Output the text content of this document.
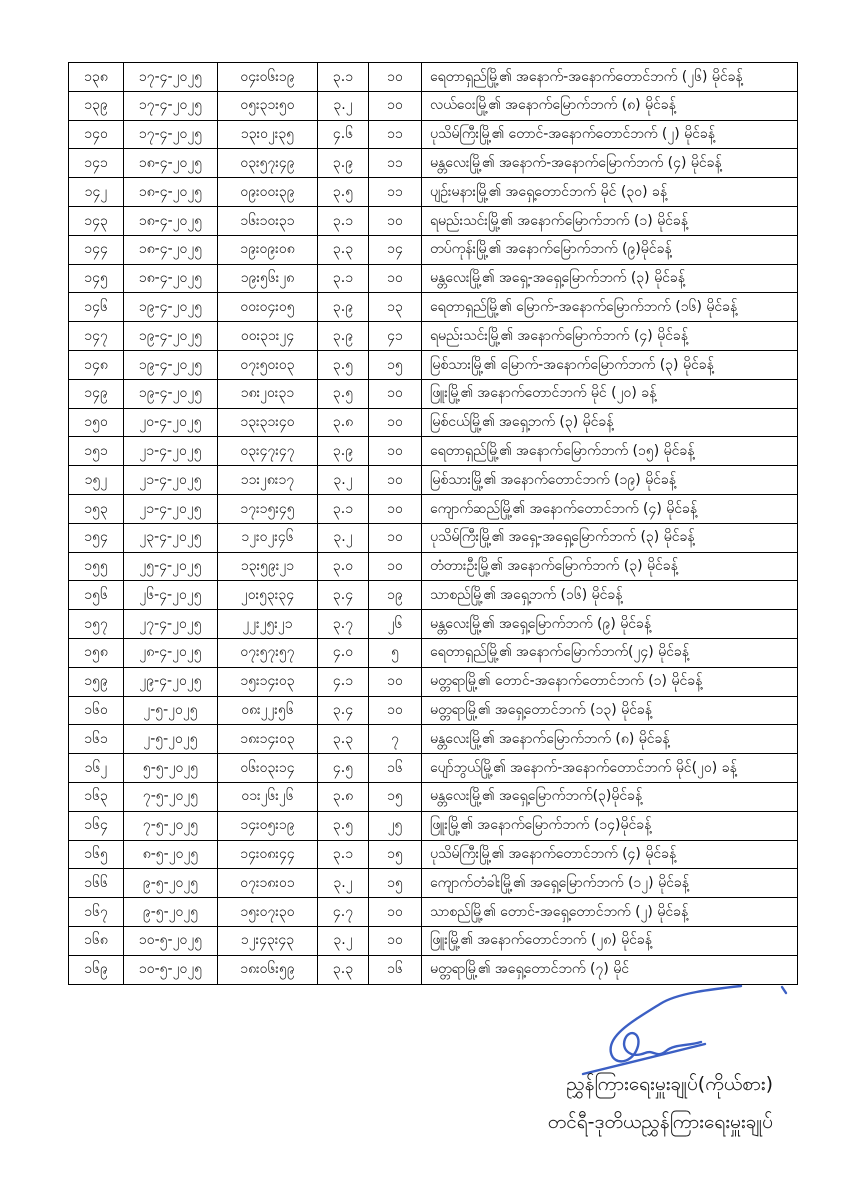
၁၃၈	၁၇-၄-၂၀၂၅	၀၄း၀၆း၁၉	၃.၁	၁၀	ရေတာရှည်မြို့၏ အနောက်-အနောက်တောင်ဘက် (၂၆) မိုင်ခန့်
၁၃၉	၁၇-၄-၂၀၂၅	၀၅း၃၁း၅၀	၃.၂	၁၀	လယ်ဝေးမြို့၏ အနောက်မြောက်ဘက် (၈) မိုင်ခန့်
၁၄၀	၁၇-၄-၂၀၂၅	၁၃း၀၂း၃၅	၄.၆	၁၁	ပုသိမ်ကြီးမြို့၏ တောင်-အနောက်တောင်ဘက် (၂) မိုင်ခန့်
၁၄၁	၁၈-၄-၂၀၂၅	၀၃း၅၇း၄၉	၃.၉	၁၁	မန္တလေးမြို့၏ အနောက်-အနောက်မြောက်ဘက် (၄) မိုင်ခန့်
၁၄၂	၁၈-၄-၂၀၂၅	၀၉း၀၀း၃၉	၃.၅	၁၁	ပျဉ်းမနားမြို့၏ အရှေ့တောင်ဘက် မိုင် (၃၀) ခန့်
၁၄၃	၁၈-၄-၂၀၂၅	၁၆း၁၀း၃၁	၃.၁	၁၀	ရမည်းသင်းမြို့၏ အနောက်မြောက်ဘက် (၁) မိုင်ခန့်
၁၄၄	၁၈-၄-၂၀၂၅	၁၉း၀၉း၀၈	၃.၃	၁၄	တပ်ကုန်းမြို့၏ အနောက်မြောက်ဘက် (၉)မိုင်ခန့်
၁၄၅	၁၈-၄-၂၀၂၅	၁၉း၅၆း၂၈	၃.၁	၁၀	မန္တလေးမြို့၏ အရှေ့-အရှေ့မြောက်ဘက် (၃) မိုင်ခန့်
၁၄၆	၁၉-၄-၂၀၂၅	၀၀း၀၄း၀၅	၃.၉	၁၃	ရေတာရှည်မြို့၏ မြောက်-အနောက်မြောက်ဘက် (၁၆) မိုင်ခန့်
၁၄၇	၁၉-၄-၂၀၂၅	၀၀း၃၁း၂၄	၃.၉	၄၁	ရမည်းသင်းမြို့၏ အနောက်မြောက်ဘက် (၄) မိုင်ခန့်
၁၄၈	၁၉-၄-၂၀၂၅	၀၇း၅၀း၀၃	၃.၅	၁၅	မြစ်သားမြို့၏ မြောက်-အနောက်မြောက်ဘက် (၃) မိုင်ခန့်
၁၄၉	၁၉-၄-၂၀၂၅	၁၈း၂၀း၃၁	၃.၅	၁၀	ဖြူးမြို့၏ အနောက်တောင်ဘက် မိုင် (၂၀) ခန့်
၁၅၀	၂၀-၄-၂၀၂၅	၁၃း၃၁း၄၀	၃.၈	၁၀	မြစ်ငယ်မြို့၏ အရှေ့ဘက် (၃) မိုင်ခန့်
၁၅၁	၂၁-၄-၂၀၂၅	၀၃း၄၇း၄၇	၃.၉	၁၀	ရေတာရှည်မြို့၏ အနောက်မြောက်ဘက် (၁၅) မိုင်ခန့်
၁၅၂	၂၁-၄-၂၀၂၅	၁၁း၂၈း၁၇	၃.၂	၁၀	မြစ်သားမြို့၏ အနောက်တောင်ဘက် (၁၉) မိုင်ခန့်
၁၅၃	၂၁-၄-၂၀၂၅	၁၇း၁၅း၄၅	၃.၁	၁၀	ကျောက်ဆည်မြို့၏ အနောက်တောင်ဘက် (၄) မိုင်ခန့်
၁၅၄	၂၃-၄-၂၀၂၅	၁၂း၀၂း၄၆	၃.၂	၁၀	ပုသိမ်ကြီးမြို့၏ အရှေ့-အရှေ့မြောက်ဘက် (၃) မိုင်ခန့်
၁၅၅	၂၅-၄-၂၀၂၅	၁၃း၅၉း၂၁	၃.၀	၁၀	တံတားဦးမြို့၏ အနောက်မြောက်ဘက် (၃) မိုင်ခန့်
၁၅၆	၂၆-၄-၂၀၂၅	၂၀း၅၃း၃၄	၃.၄	၁၉	သာစည်မြို့၏ အရှေ့ဘက် (၁၆) မိုင်ခန့်
၁၅၇	၂၇-၄-၂၀၂၅	၂၂း၂၅း၂၁	၃.၇	၂၆	မန္တလေးမြို့၏ အရှေ့မြောက်ဘက် (၉) မိုင်ခန့်
၁၅၈	၂၈-၄-၂၀၂၅	၀၇း၅၇း၅၇	၄.၀	၅	ရေတာရှည်မြို့၏ အနောက်မြောက်ဘက်(၂၄) မိုင်ခန့်
၁၅၉	၂၉-၄-၂၀၂၅	၁၅း၁၄း၀၃	၄.၁	၁၀	မတ္တရာမြို့၏ တောင်-အနောက်တောင်ဘက် (၁) မိုင်ခန့်
၁၆၀	၂-၅-၂၀၂၅	၀၈း၂၂း၅၆	၃.၄	၁၀	မတ္တရာမြို့၏ အရှေ့တောင်ဘက် (၁၃) မိုင်ခန့်
၁၆၁	၂-၅-၂၀၂၅	၁၈း၁၄း၀၃	၃.၃	၇	မန္တလေးမြို့၏ အနောက်မြောက်ဘက် (၈) မိုင်ခန့်
၁၆၂	၅-၅-၂၀၂၅	၀၆း၀၃း၁၄	၄.၅	၁၆	ပျော်ဘွယ်မြို့၏ အနောက်-အနောက်တောင်ဘက် မိုင်(၂၀) ခန့်
၁၆၃	၇-၅-၂၀၂၅	၀၁း၂၆း၂၆	၃.၈	၁၅	မန္တလေးမြို့၏ အရှေ့မြောက်ဘက်(၃)မိုင်ခန့်
၁၆၄	၇-၅-၂၀၂၅	၁၄း၀၅း၁၉	၃.၅	၂၅	ဖြူးမြို့၏ အနောက်မြောက်ဘက် (၁၄)မိုင်ခန့်
၁၆၅	၈-၅-၂၀၂၅	၁၄း၀၈း၄၄	၃.၁	၁၅	ပုသိမ်ကြီးမြို့၏ အနောက်တောင်ဘက် (၄) မိုင်ခန့်
၁၆၆	၉-၅-၂၀၂၅	၀၇း၁၈း၀၁	၃.၂	၁၅	ကျောက်တံခါးမြို့၏ အရှေ့မြောက်ဘက် (၁၂) မိုင်ခန့်
၁၆၇	၉-၅-၂၀၂၅	၁၅း၀၇း၃၀	၄.၇	၁၀	သာစည်မြို့၏ တောင်-အရှေ့တောင်ဘက် (၂) မိုင်ခန့်
၁၆၈	၁၀-၅-၂၀၂၅	၁၂း၄၃း၄၃	၃.၂	၁၀	ဖြူးမြို့၏ အနောက်တောင်ဘက် (၂၈) မိုင်ခန့်
၁၆၉	၁၀-၅-၂၀၂၅	၁၈း၀၆း၅၉	၃.၃	၁၆	မတ္တရာမြို့၏ အရှေ့တောင်ဘက် (၇) မိုင်
ညွှန်ကြားရေးမှူးချုပ်(ကိုယ်စား)
တင်ရီ-ဒုတိယညွှန်ကြားရေးမှူးချုပ်
